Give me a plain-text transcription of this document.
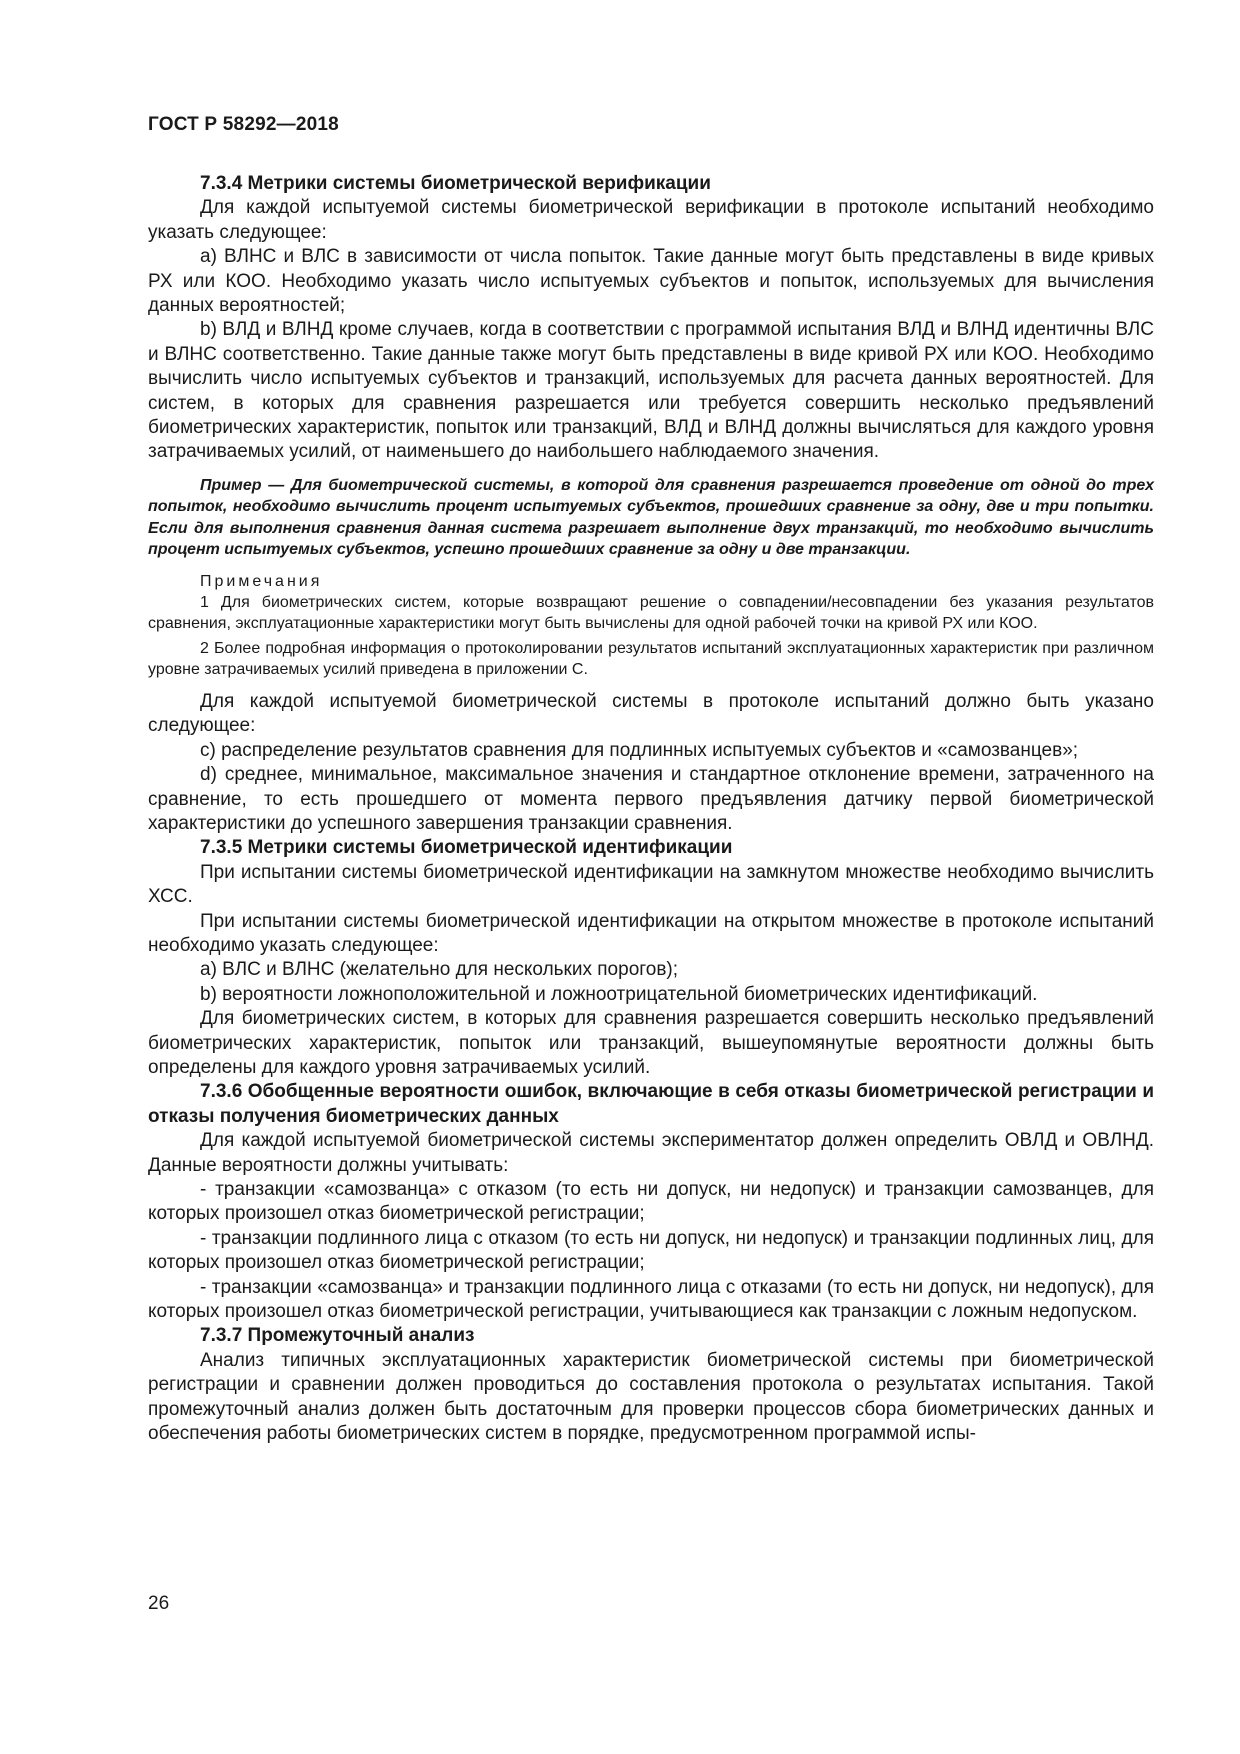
ГОСТ Р 58292—2018

7.3.4 Метрики системы биометрической верификации

Для каждой испытуемой системы биометрической верификации в протоколе испытаний необходимо указать следующее:

a) ВЛНС и ВЛС в зависимости от числа попыток. Такие данные могут быть представлены в виде кривых РХ или КОО. Необходимо указать число испытуемых субъектов и попыток, используемых для вычисления данных вероятностей;

b) ВЛД и ВЛНД кроме случаев, когда в соответствии с программой испытания ВЛД и ВЛНД идентичны ВЛС и ВЛНС соответственно. Такие данные также могут быть представлены в виде кривой РХ или КОО. Необходимо вычислить число испытуемых субъектов и транзакций, используемых для расчета данных вероятностей. Для систем, в которых для сравнения разрешается или требуется совершить несколько предъявлений биометрических характеристик, попыток или транзакций, ВЛД и ВЛНД должны вычисляться для каждого уровня затрачиваемых усилий, от наименьшего до наибольшего наблюдаемого значения.

Пример — Для биометрической системы, в которой для сравнения разрешается проведение от одной до трех попыток, необходимо вычислить процент испытуемых субъектов, прошедших сравнение за одну, две и три попытки. Если для выполнения сравнения данная система разрешает выполнение двух транзакций, то необходимо вычислить процент испытуемых субъектов, успешно прошедших сравнение за одну и две транзакции.

Примечания

1 Для биометрических систем, которые возвращают решение о совпадении/несовпадении без указания результатов сравнения, эксплуатационные характеристики могут быть вычислены для одной рабочей точки на кривой РХ или КОО.

2 Более подробная информация о протоколировании результатов испытаний эксплуатационных характеристик при различном уровне затрачиваемых усилий приведена в приложении C.

Для каждой испытуемой биометрической системы в протоколе испытаний должно быть указано следующее:

c) распределение результатов сравнения для подлинных испытуемых субъектов и «самозванцев»;

d) среднее, минимальное, максимальное значения и стандартное отклонение времени, затраченного на сравнение, то есть прошедшего от момента первого предъявления датчику первой биометрической характеристики до успешного завершения транзакции сравнения.

7.3.5 Метрики системы биометрической идентификации

При испытании системы биометрической идентификации на замкнутом множестве необходимо вычислить ХСС.

При испытании системы биометрической идентификации на открытом множестве в протоколе испытаний необходимо указать следующее:

a) ВЛС и ВЛНС (желательно для нескольких порогов);

b) вероятности ложноположительной и ложноотрицательной биометрических идентификаций.

Для биометрических систем, в которых для сравнения разрешается совершить несколько предъявлений биометрических характеристик, попыток или транзакций, вышеупомянутые вероятности должны быть определены для каждого уровня затрачиваемых усилий.

7.3.6 Обобщенные вероятности ошибок, включающие в себя отказы биометрической регистрации и отказы получения биометрических данных

Для каждой испытуемой биометрической системы экспериментатор должен определить ОВЛД и ОВЛНД. Данные вероятности должны учитывать:

- транзакции «самозванца» с отказом (то есть ни допуск, ни недопуск) и транзакции самозванцев, для которых произошел отказ биометрической регистрации;

- транзакции подлинного лица с отказом (то есть ни допуск, ни недопуск) и транзакции подлинных лиц, для которых произошел отказ биометрической регистрации;

- транзакции «самозванца» и транзакции подлинного лица с отказами (то есть ни допуск, ни недопуск), для которых произошел отказ биометрической регистрации, учитывающиеся как транзакции с ложным недопуском.

7.3.7 Промежуточный анализ

Анализ типичных эксплуатационных характеристик биометрической системы при биометрической регистрации и сравнении должен проводиться до составления протокола о результатах испытания. Такой промежуточный анализ должен быть достаточным для проверки процессов сбора биометрических данных и обеспечения работы биометрических систем в порядке, предусмотренном программой испы-

26
